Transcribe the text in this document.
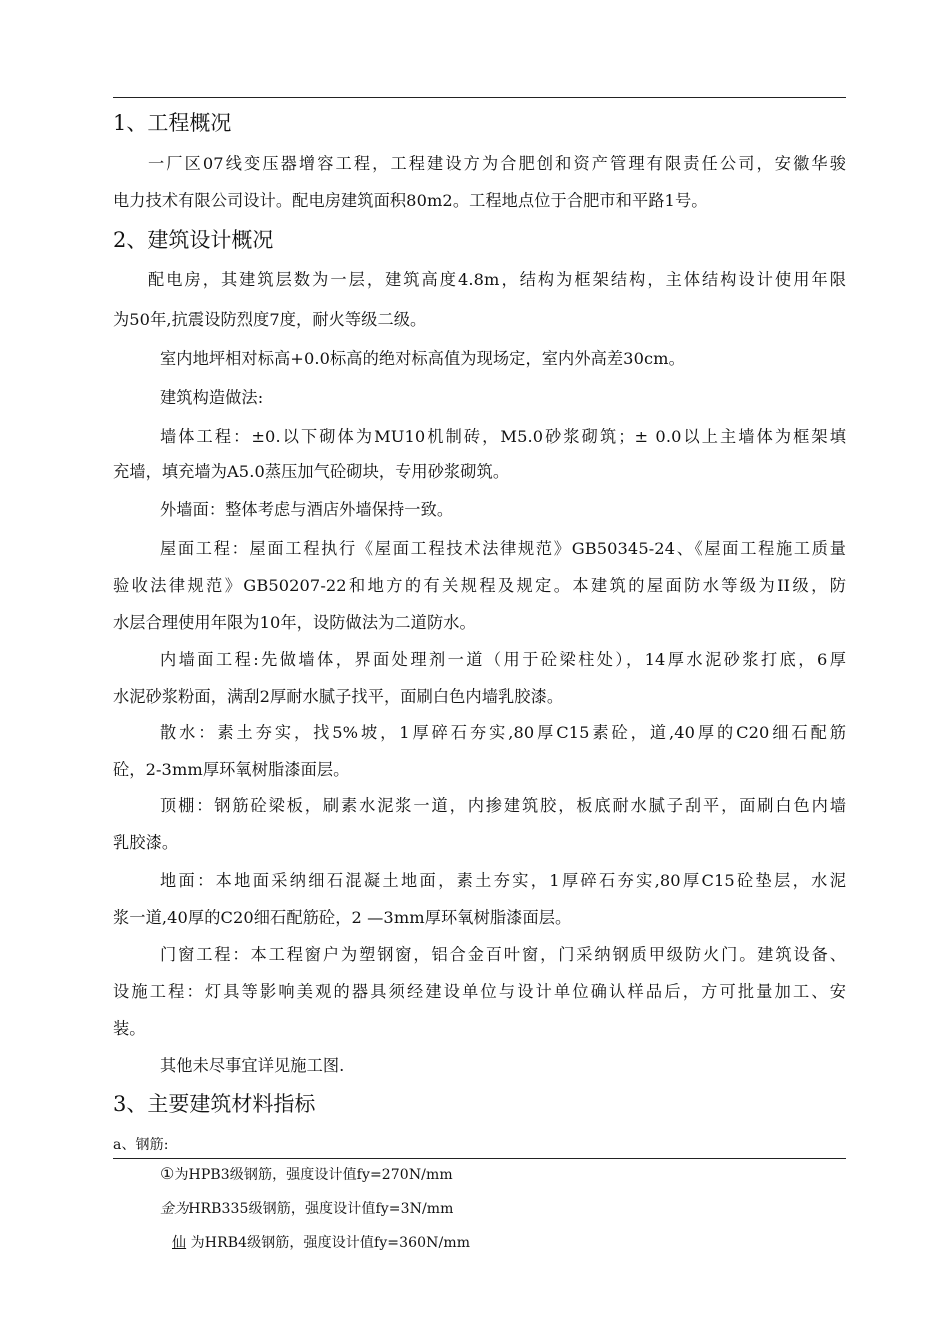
1、工程概况
一厂区07线变压器增容工程，工程建设方为合肥创和资产管理有限责任公司，安徽华骏
电力技术有限公司设计。配电房建筑面积80m2。工程地点位于合肥市和平路1号。
2、建筑设计概况
配电房，其建筑层数为一层，建筑高度4.8m，结构为框架结构，主体结构设计使用年限
为50年,抗震设防烈度7度，耐火等级二级。
室内地坪相对标高+0.0标高的绝对标高值为现场定，室内外高差30cm。
建筑构造做法:
墙体工程：±0.以下砌体为MU10机制砖，M5.0砂浆砌筑；± 0.0以上主墙体为框架填
充墙，填充墙为A5.0蒸压加气砼砌块，专用砂浆砌筑。
外墙面：整体考虑与酒店外墙保持一致。
屋面工程：屋面工程执行《屋面工程技术法律规范》GB50345-24、《屋面工程施工质量
验收法律规范》GB50207-22和地方的有关规程及规定。本建筑的屋面防水等级为II级，防
水层合理使用年限为10年，设防做法为二道防水。
内墙面工程:先做墙体，界面处理剂一道（用于砼梁柱处），14厚水泥砂浆打底，6厚
水泥砂浆粉面，满刮2厚耐水腻子找平，面刷白色内墙乳胶漆。
散水：素土夯实，找5%坡，1厚碎石夯实,80厚C15素砼，道,40厚的C20细石配筋
砼，2-3mm厚环氧树脂漆面层。
顶棚：钢筋砼梁板，刷素水泥浆一道，内掺建筑胶，板底耐水腻子刮平，面刷白色内墙
乳胶漆。
地面：本地面采纳细石混凝土地面，素土夯实，1厚碎石夯实,80厚C15砼垫层，水泥
浆一道,40厚的C20细石配筋砼，2 —3mm厚环氧树脂漆面层。
门窗工程：本工程窗户为塑钢窗，铝合金百叶窗，门采纳钢质甲级防火门。建筑设备、
设施工程：灯具等影响美观的器具须经建设单位与设计单位确认样品后，方可批量加工、安
装。
其他未尽事宜详见施工图.
3、主要建筑材料指标
a、钢筋:
①为HPB3级钢筋，强度设计值fy=270N/mm
金为HRB335级钢筋，强度设计值fy=3N/mm
仙 为HRB4级钢筋，强度设计值fy=360N/mm
